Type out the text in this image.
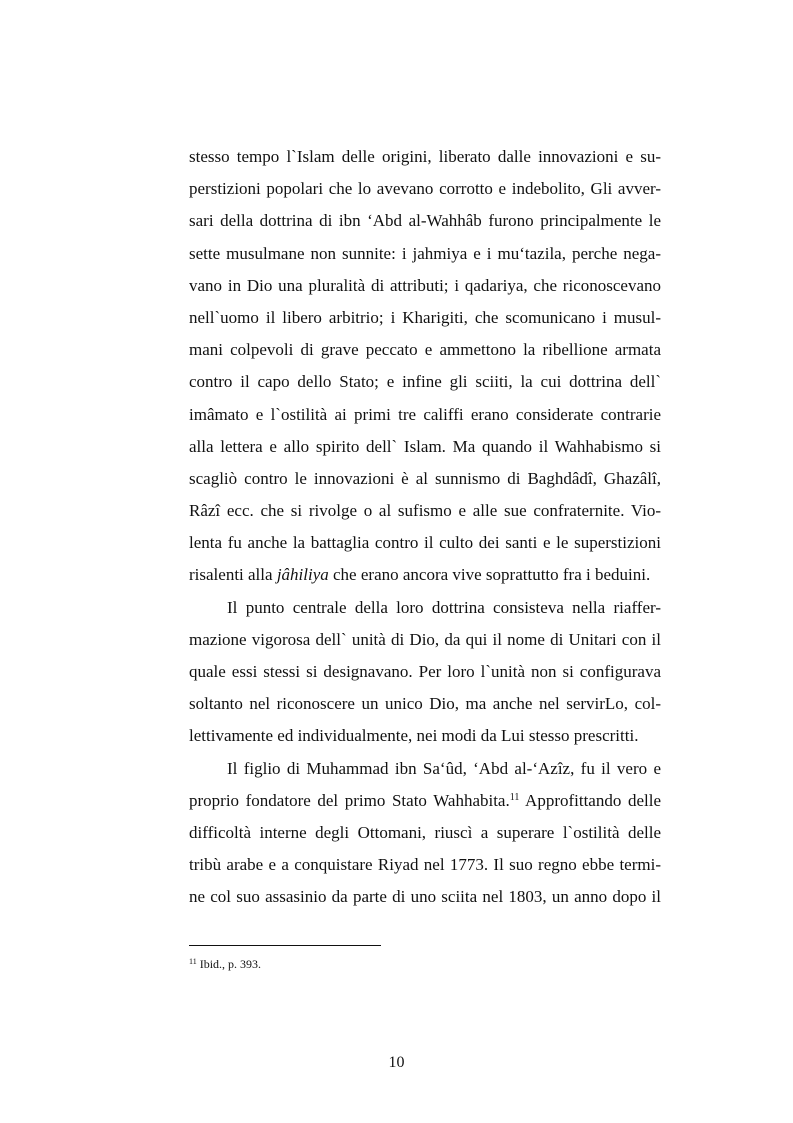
stesso tempo l`Islam delle origini, liberato dalle innovazioni e su-
perstizioni popolari che lo avevano corrotto e indebolito, Gli avver-
sari della dottrina di ibn ‘Abd al-Wahhâb furono principalmente le
sette musulmane non sunnite: i jahmiya e i mu‘tazila, perche nega-
vano in Dio una pluralità di attributi; i qadariya, che riconoscevano
nell`uomo il libero arbitrio; i Kharigiti, che scomunicano i musul-
mani colpevoli di grave peccato e ammettono la ribellione armata
contro il capo dello Stato; e infine gli sciiti, la cui dottrina dell`
imâmato e l`ostilità ai primi tre califfi erano considerate contrarie
alla lettera e allo spirito dell` Islam. Ma quando il Wahhabismo si
scagliò contro le innovazioni è al sunnismo di Baghdâdî, Ghazâlî,
Râzî ecc. che si rivolge o al sufismo e alle sue confraternite. Vio-
lenta fu anche la battaglia contro il culto dei santi e le superstizioni
risalenti alla jâhiliya che erano ancora vive soprattutto fra i beduini.

Il punto centrale della loro dottrina consisteva nella riaffer-
mazione vigorosa dell` unità di Dio, da qui il nome di Unitari con il
quale essi stessi si designavano. Per loro l`unità non si configurava
soltanto nel riconoscere un unico Dio, ma anche nel servirLo, col-
lettivamente ed individualmente, nei modi da Lui stesso prescritti.

Il figlio di Muhammad ibn Sa‘ûd, ‘Abd al-‘Azîz, fu il vero e
proprio fondatore del primo Stato Wahhabita.$^{11}$ Approfittando delle
difficoltà interne degli Ottomani, riuscì a superare l`ostilità delle
tribù arabe e a conquistare Riyad nel 1773. Il suo regno ebbe termi-
ne col suo assasinio da parte di uno sciita nel 1803, un anno dopo il

$^{11}$ Ibid., p. 393.
10
